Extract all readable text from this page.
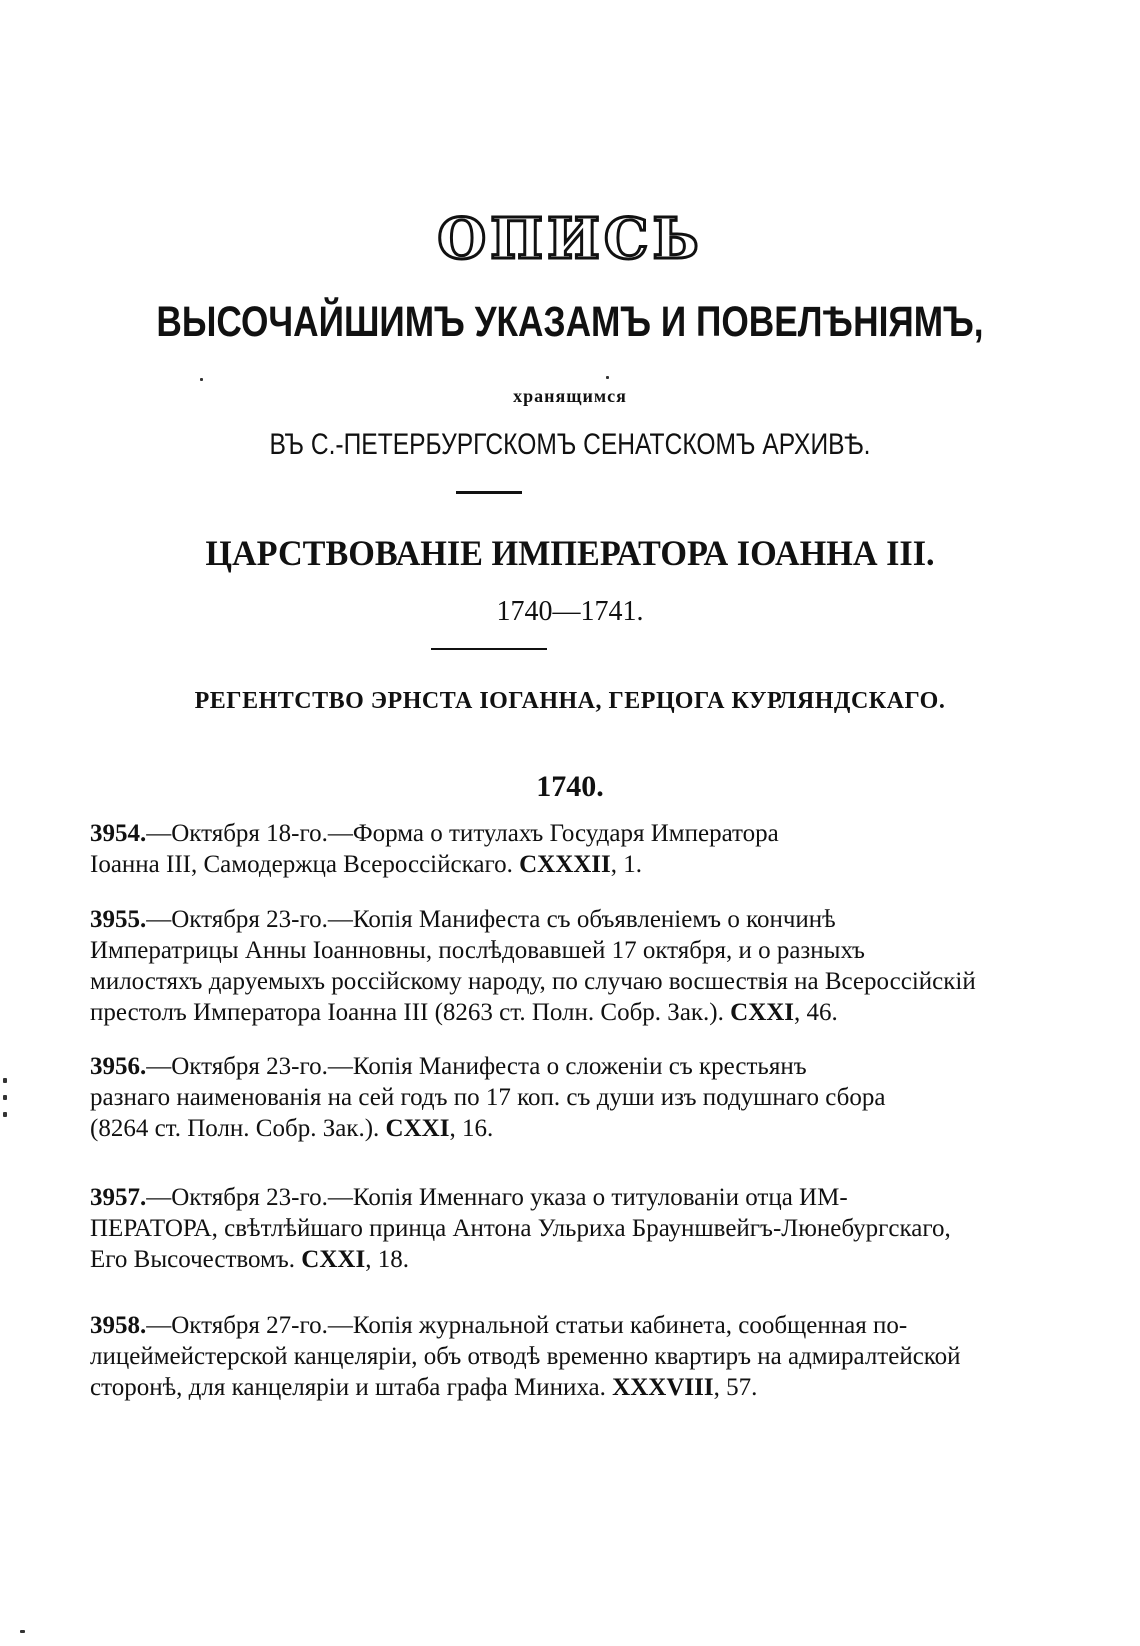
ОПИСЬ
ВЫСОЧАЙШИМЪ УКАЗАМЪ И ПОВЕЛѢНІЯМЪ,
хранящимся
ВЪ С.-ПЕТЕРБУРГСКОМЪ СЕНАТСКОМЪ АРХИВѢ.
ЦАРСТВОВАНІЕ ИМПЕРАТОРА ІОАННА III.
1740—1741.
РЕГЕНТСТВО ЭРНСТА ІОГАННА, ГЕРЦОГА КУРЛЯНДСКАГО.
1740.
3954.—Октября 18-го.—Форма о титулахъ Государя Императора
Іоанна III, Самодержца Всероссійскаго. CXXXII, 1.
3955.—Октября 23-го.—Копія Манифеста съ объявленіемъ о кончинѣ
Императрицы Анны Іоанновны, послѣдовавшей 17 октября, и о разныхъ
милостяхъ даруемыхъ россійскому народу, по случаю восшествія на Всероссійскій
престолъ Императора Іоанна III (8263 ст. Полн. Собр. Зак.). CXXI, 46.
3956.—Октября 23-го.—Копія Манифеста о сложеніи съ крестьянъ
разнаго наименованія на сей годъ по 17 коп. съ души изъ подушнаго сбора
(8264 ст. Полн. Собр. Зак.). CXXI, 16.
3957.—Октября 23-го.—Копія Именнаго указа о титулованіи отца ИМ-
ПЕРАТОРА, свѣтлѣйшаго принца Антона Ульриха Брауншвейгъ-Люнебургскаго,
Его Высочествомъ. CXXI, 18.
3958.—Октября 27-го.—Копія журнальной статьи кабинета, сообщенная по-
лицеймейстерской канцеляріи, объ отводѣ временно квартиръ на адмиралтейской
сторонѣ, для канцеляріи и штаба графа Миниха. XXXVIII, 57.
